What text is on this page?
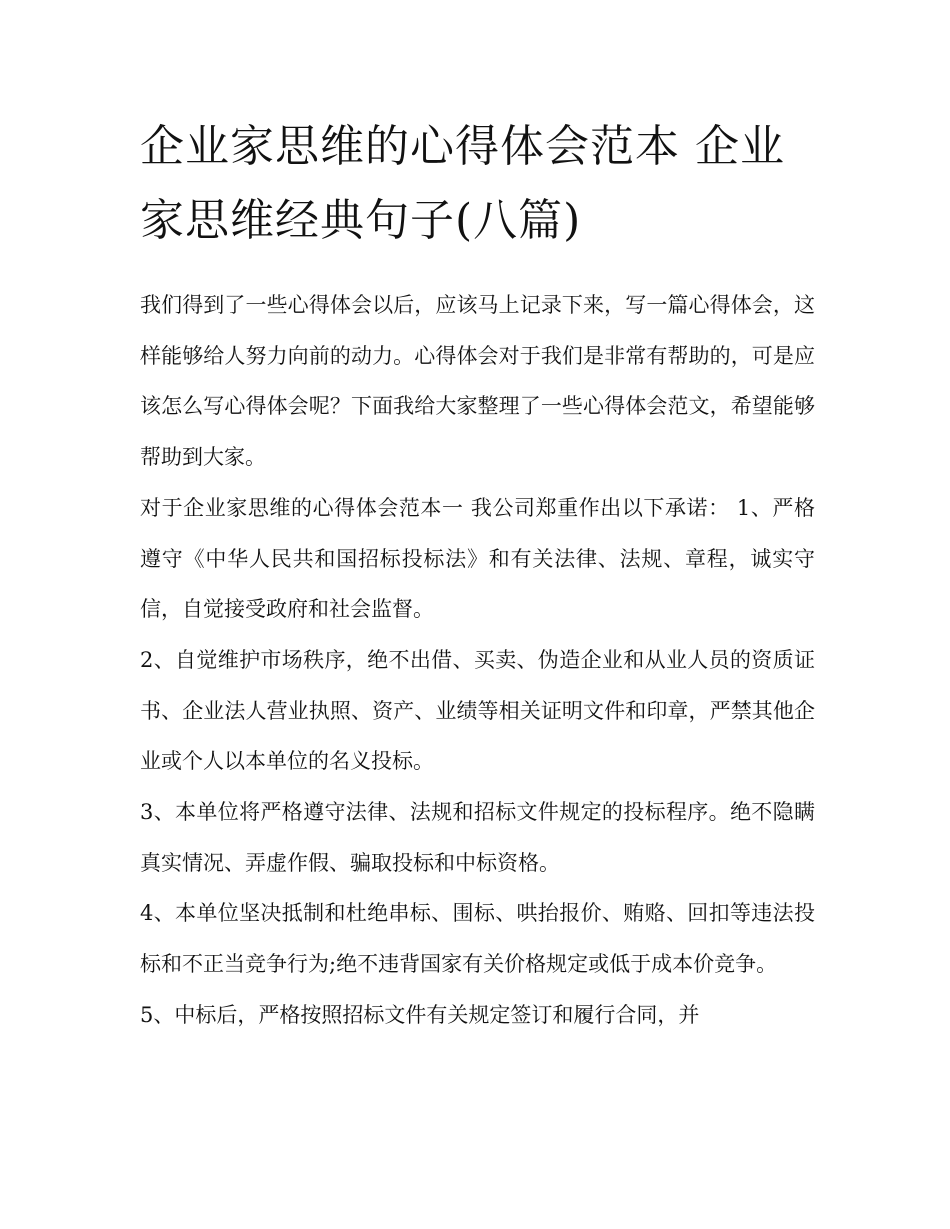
企业家思维的心得体会范本 企业家思维经典句子(八篇)

我们得到了一些心得体会以后，应该马上记录下来，写一篇心得体会，这样能够给人努力向前的动力。心得体会对于我们是非常有帮助的，可是应该怎么写心得体会呢？下面我给大家整理了一些心得体会范文，希望能够帮助到大家。

对于企业家思维的心得体会范本一 我公司郑重作出以下承诺： 1、严格遵守《中华人民共和国招标投标法》和有关法律、法规、章程，诚实守信，自觉接受政府和社会监督。

2、自觉维护市场秩序，绝不出借、买卖、伪造企业和从业人员的资质证书、企业法人营业执照、资产、业绩等相关证明文件和印章，严禁其他企业或个人以本单位的名义投标。

3、本单位将严格遵守法律、法规和招标文件规定的投标程序。绝不隐瞒真实情况、弄虚作假、骗取投标和中标资格。

4、本单位坚决抵制和杜绝串标、围标、哄抬报价、贿赂、回扣等违法投标和不正当竞争行为;绝不违背国家有关价格规定或低于成本价竞争。

5、中标后，严格按照招标文件有关规定签订和履行合同，并
